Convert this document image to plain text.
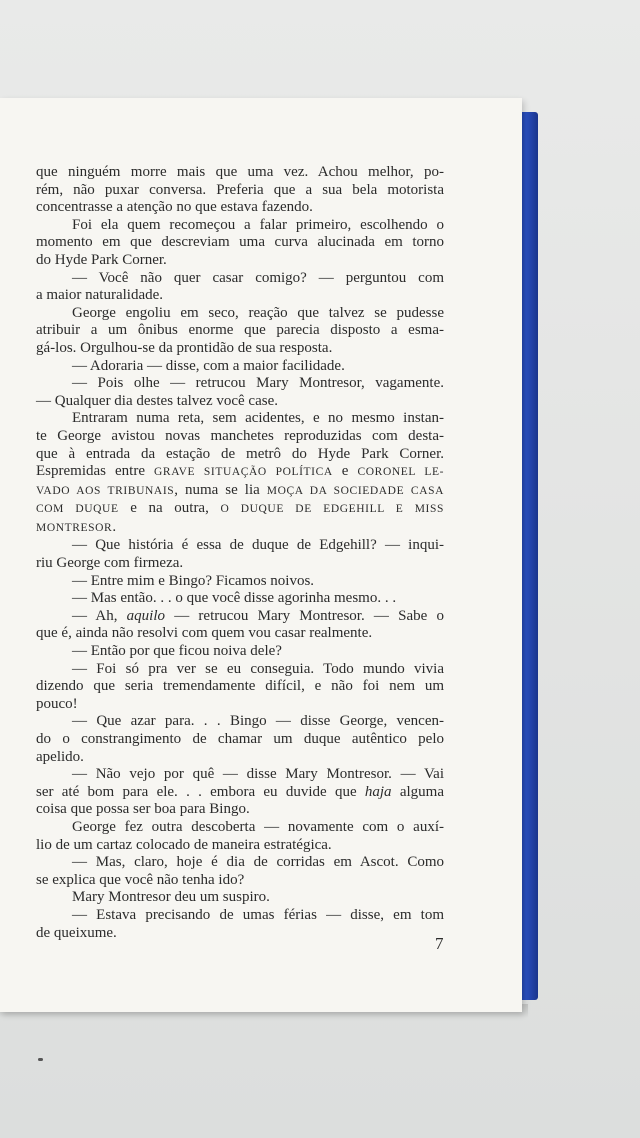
que ninguém morre mais que uma vez. Achou melhor, po-
rém, não puxar conversa. Preferia que a sua bela motorista
concentrasse a atenção no que estava fazendo.
Foi ela quem recomeçou a falar primeiro, escolhendo o
momento em que descreviam uma curva alucinada em torno
do Hyde Park Corner.
— Você não quer casar comigo? — perguntou com
a maior naturalidade.
George engoliu em seco, reação que talvez se pudesse
atribuir a um ônibus enorme que parecia disposto a esma-
gá-los. Orgulhou-se da prontidão de sua resposta.
— Adoraria — disse, com a maior facilidade.
— Pois olhe — retrucou Mary Montresor, vagamente.
— Qualquer dia destes talvez você case.
Entraram numa reta, sem acidentes, e no mesmo instan-
te George avistou novas manchetes reproduzidas com desta-
que à entrada da estação de metrô do Hyde Park Corner.
Espremidas entre GRAVE SITUAÇÃO POLÍTICA e CORONEL LE-
VADO AOS TRIBUNAIS, numa se lia MOÇA DA SOCIEDADE CASA
COM DUQUE e na outra, O DUQUE DE EDGEHILL E MISS
MONTRESOR.
— Que história é essa de duque de Edgehill? — inqui-
riu George com firmeza.
— Entre mim e Bingo? Ficamos noivos.
— Mas então. . . o que você disse agorinha mesmo. . .
— Ah, aquilo — retrucou Mary Montresor. — Sabe o
que é, ainda não resolvi com quem vou casar realmente.
— Então por que ficou noiva dele?
— Foi só pra ver se eu conseguia. Todo mundo vivia
dizendo que seria tremendamente difícil, e não foi nem um
pouco!
— Que azar para. . . Bingo — disse George, vencen-
do o constrangimento de chamar um duque autêntico pelo
apelido.
— Não vejo por quê — disse Mary Montresor. — Vai
ser até bom para ele. . . embora eu duvide que haja alguma
coisa que possa ser boa para Bingo.
George fez outra descoberta — novamente com o auxí-
lio de um cartaz colocado de maneira estratégica.
— Mas, claro, hoje é dia de corridas em Ascot. Como
se explica que você não tenha ido?
Mary Montresor deu um suspiro.
— Estava precisando de umas férias — disse, em tom
de queixume.
7
